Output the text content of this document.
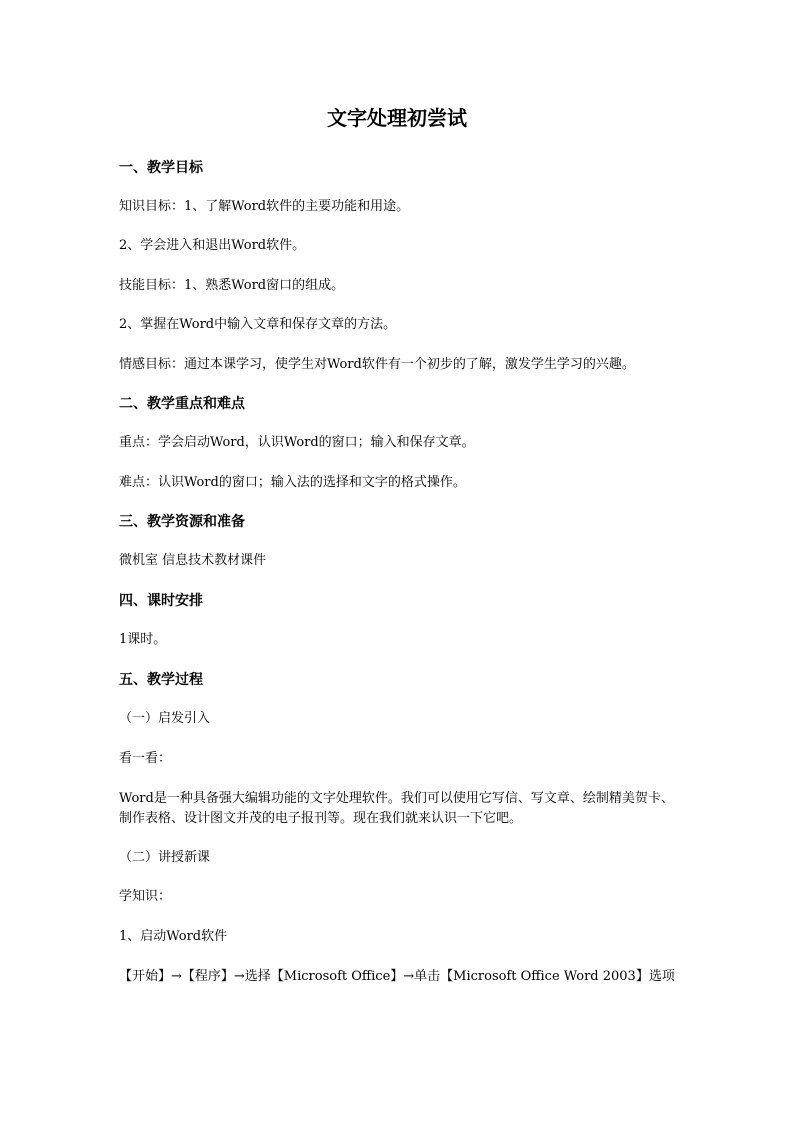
文字处理初尝试

一、教学目标

知识目标：1、了解Word软件的主要功能和用途。

2、学会进入和退出Word软件。

技能目标：1、熟悉Word窗口的组成。

2、掌握在Word中输入文章和保存文章的方法。

情感目标：通过本课学习，使学生对Word软件有一个初步的了解，激发学生学习的兴趣。

二、教学重点和难点

重点：学会启动Word，认识Word的窗口；输入和保存文章。

难点：认识Word的窗口；输入法的选择和文字的格式操作。

三、教学资源和准备

微机室 信息技术教材课件

四、课时安排

1课时。

五、教学过程

（一）启发引入

看一看：

Word是一种具备强大编辑功能的文字处理软件。我们可以使用它写信、写文章、绘制精美贺卡、制作表格、设计图文并茂的电子报刊等。现在我们就来认识一下它吧。

（二）讲授新课

学知识：

1、启动Word软件

【开始】→【程序】→选择【Microsoft Office】→单击【Microsoft Office Word 2003】选项
